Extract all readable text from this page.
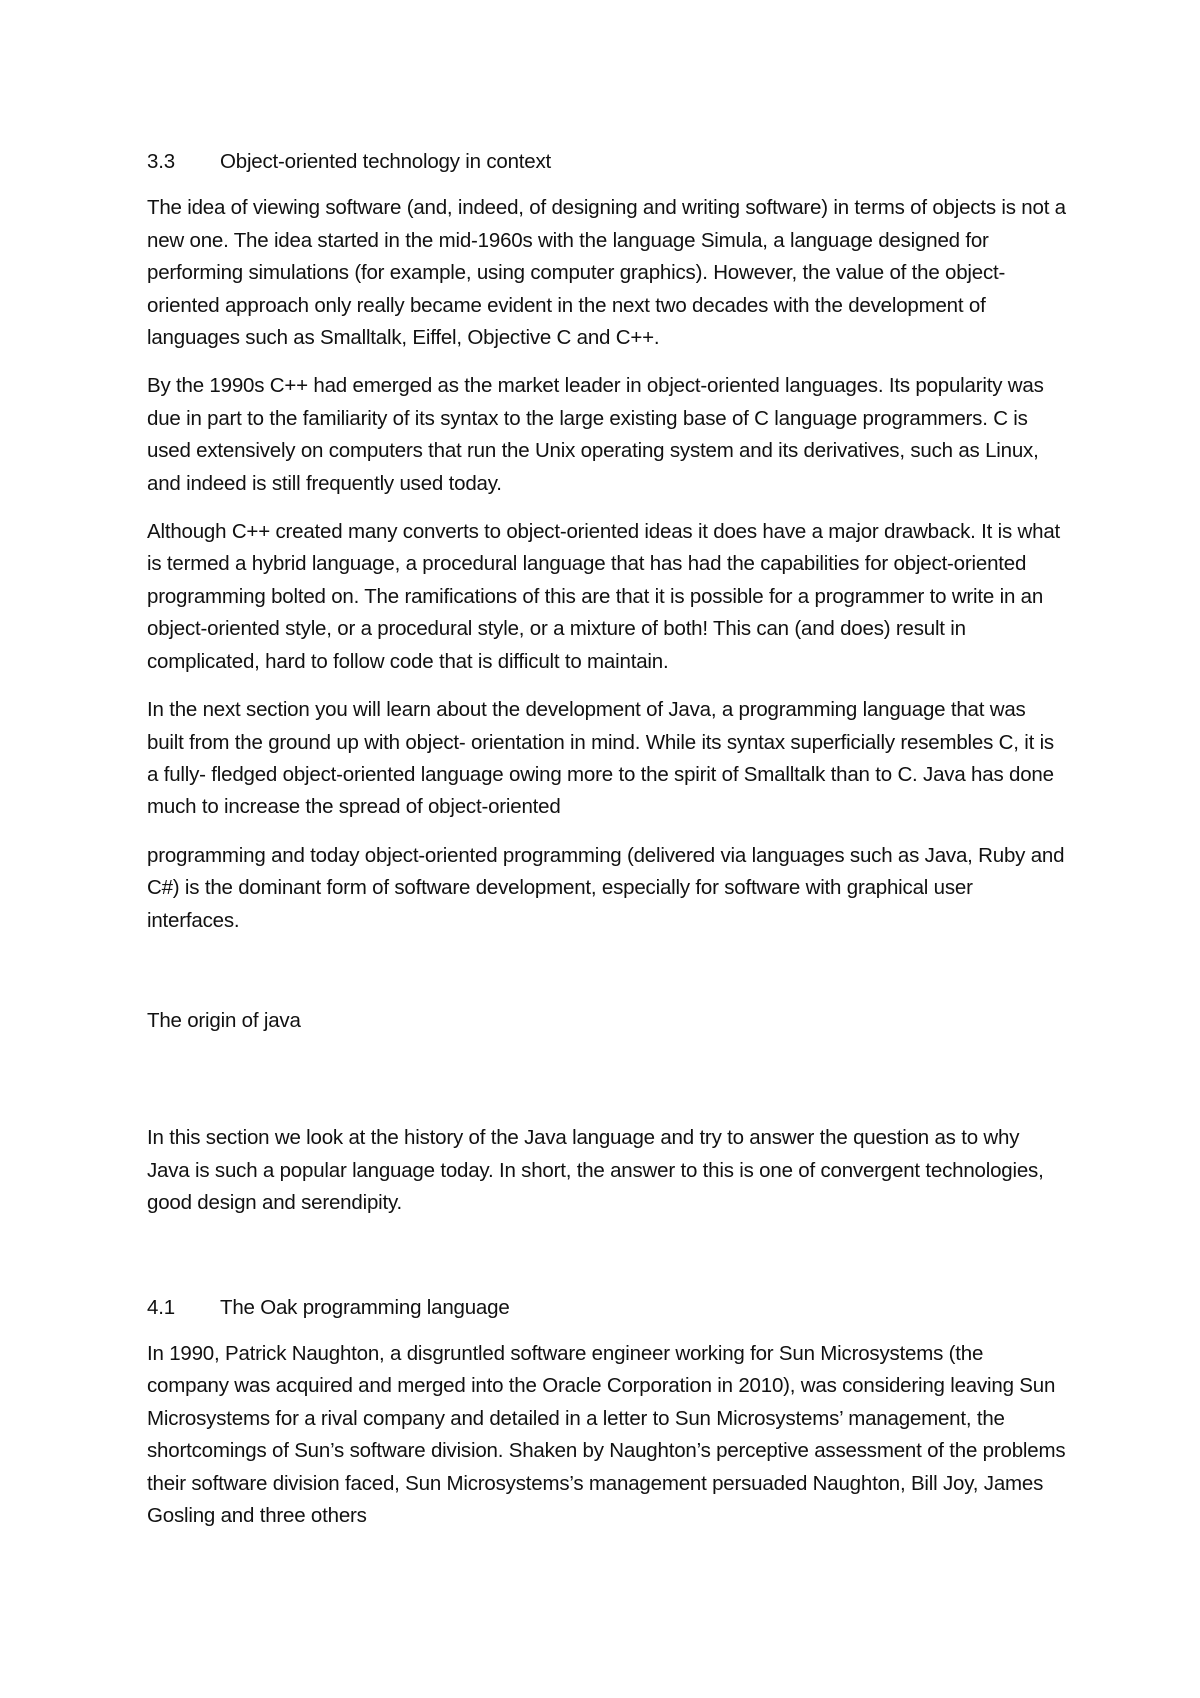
3.3 Object-oriented technology in context

The idea of viewing software (and, indeed, of designing and writing software) in terms of objects is not a new one. The idea started in the mid-1960s with the language Simula, a language designed for performing simulations (for example, using computer graphics). However, the value of the object-oriented approach only really became evident in the next two decades with the development of languages such as Smalltalk, Eiffel, Objective C and C++.

By the 1990s C++ had emerged as the market leader in object-oriented languages. Its popularity was due in part to the familiarity of its syntax to the large existing base of C language programmers. C is used extensively on computers that run the Unix operating system and its derivatives, such as Linux, and indeed is still frequently used today.

Although C++ created many converts to object-oriented ideas it does have a major drawback. It is what is termed a hybrid language, a procedural language that has had the capabilities for object-oriented programming bolted on. The ramifications of this are that it is possible for a programmer to write in an object-oriented style, or a procedural style, or a mixture of both! This can (and does) result in complicated, hard to follow code that is difficult to maintain.

In the next section you will learn about the development of Java, a programming language that was built from the ground up with object- orientation in mind. While its syntax superficially resembles C, it is a fully- fledged object-oriented language owing more to the spirit of Smalltalk than to C. Java has done much to increase the spread of object-oriented

programming and today object-oriented programming (delivered via languages such as Java, Ruby and C#) is the dominant form of software development, especially for software with graphical user interfaces.

The origin of java

In this section we look at the history of the Java language and try to answer the question as to why Java is such a popular language today. In short, the answer to this is one of convergent technologies, good design and serendipity.

4.1 The Oak programming language

In 1990, Patrick Naughton, a disgruntled software engineer working for Sun Microsystems (the company was acquired and merged into the Oracle Corporation in 2010), was considering leaving Sun Microsystems for a rival company and detailed in a letter to Sun Microsystems’ management, the shortcomings of Sun’s software division. Shaken by Naughton’s perceptive assessment of the problems their software division faced, Sun Microsystems’s management persuaded Naughton, Bill Joy, James Gosling and three others
